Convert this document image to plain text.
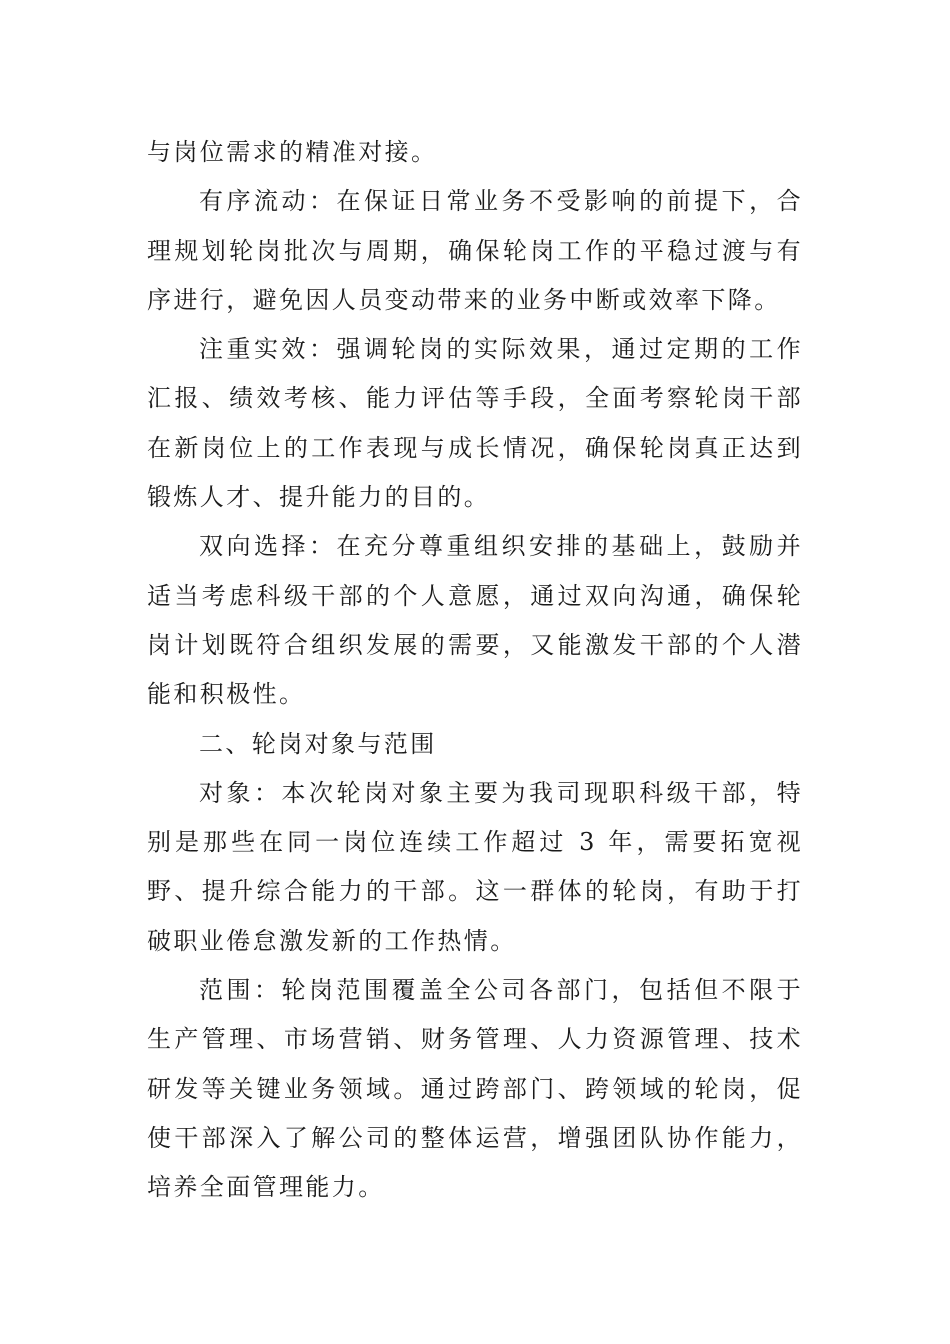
与岗位需求的精准对接。

有序流动：在保证日常业务不受影响的前提下，合理规划轮岗批次与周期，确保轮岗工作的平稳过渡与有序进行，避免因人员变动带来的业务中断或效率下降。

注重实效：强调轮岗的实际效果，通过定期的工作汇报、绩效考核、能力评估等手段，全面考察轮岗干部在新岗位上的工作表现与成长情况，确保轮岗真正达到锻炼人才、提升能力的目的。

双向选择：在充分尊重组织安排的基础上，鼓励并适当考虑科级干部的个人意愿，通过双向沟通，确保轮岗计划既符合组织发展的需要，又能激发干部的个人潜能和积极性。

二、轮岗对象与范围

对象：本次轮岗对象主要为我司现职科级干部，特别是那些在同一岗位连续工作超过 3 年，需要拓宽视野、提升综合能力的干部。这一群体的轮岗，有助于打破职业倦怠激发新的工作热情。

范围：轮岗范围覆盖全公司各部门，包括但不限于生产管理、市场营销、财务管理、人力资源管理、技术研发等关键业务领域。通过跨部门、跨领域的轮岗，促使干部深入了解公司的整体运营，增强团队协作能力，培养全面管理能力。
